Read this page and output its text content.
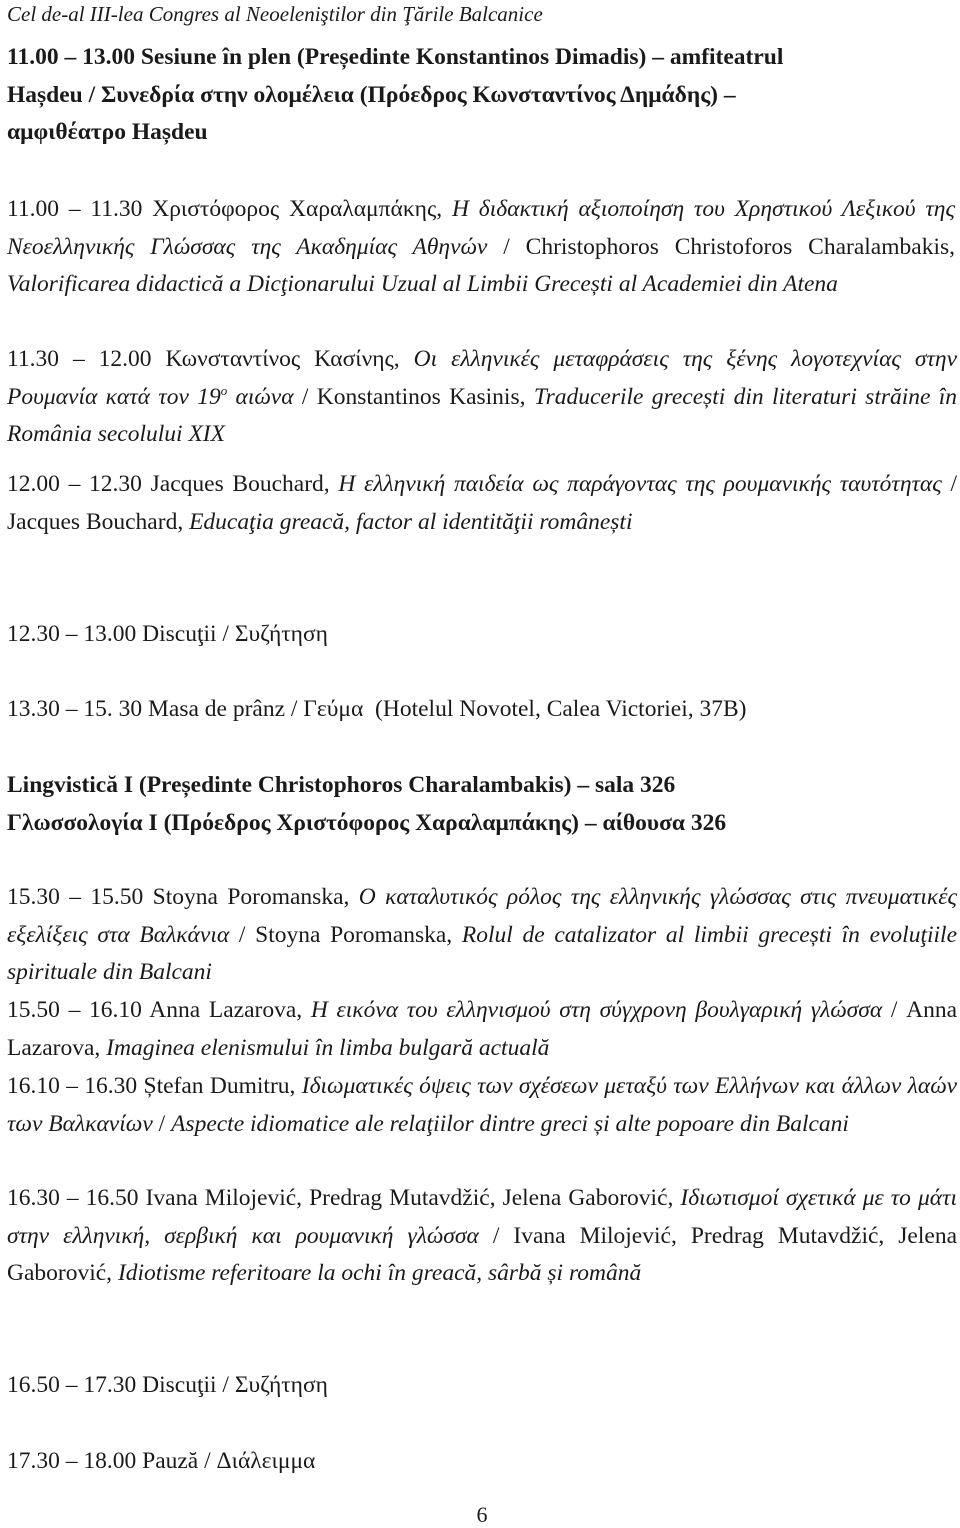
Cel de-al III-lea Congres al Neoeleniştilor din Ţările Balcanice
11.00 – 13.00 Sesiune în plen (Președinte Konstantinos Dimadis) – amfiteatrul
Hașdeu / Συνεδρία στην ολομέλεια (Πρόεδρος Κωνσταντίνος Δημάδης) –
αμφιθέατρο Hașdeu
11.00 – 11.30 Χριστόφορος Χαραλαμπάκης, Η διδακτική αξιοποίηση του Χρηστικού Λεξικού της Νεοελληνικής Γλώσσας της Ακαδημίας Αθηνών / Christophoros Christoforos Charalambakis, Valorificarea didactică a Dicţionarului Uzual al Limbii Grecești al Academiei din Atena
11.30 – 12.00 Κωνσταντίνος Κασίνης, Οι ελληνικές μεταφράσεις της ξένης λογοτεχνίας στην Ρουμανία κατά τον $19^o$ αιώνα / Konstantinos Kasinis, Traducerile grecești din literaturi străine în România secolului XIX
12.00 – 12.30 Jacques Bouchard, Η ελληνική παιδεία ως παράγοντας της ρουμανικής ταυτότητας / Jacques Bouchard, Educaţia greacă, factor al identităţii românești
12.30 – 13.00 Discuţii / Συζήτηση
13.30 – 15. 30 Masa de prânz / Γεύμα  (Hotelul Novotel, Calea Victoriei, 37B)
Lingvistică I (Președinte Christophoros Charalambakis) – sala 326
Γλωσσολογία Ι (Πρόεδρος Χριστόφορος Χαραλαμπάκης) – αίθουσα 326
15.30 – 15.50 Stoyna Poromanska, Ο καταλυτικός ρόλος της ελληνικής γλώσσας στις πνευματικές εξελίξεις στα Βαλκάνια / Stoyna Poromanska, Rolul de catalizator al limbii grecești în evoluţiile spirituale din Balcani
15.50 – 16.10 Anna Lazarova, Η εικόνα του ελληνισμού στη σύγχρονη βουλγαρική γλώσσα / Anna Lazarova, Imaginea elenismului în limba bulgară actuală
16.10 – 16.30 Ștefan Dumitru, Ιδιωματικές όψεις των σχέσεων μεταξύ των Ελλήνων και άλλων λαών των Βαλκανίων / Aspecte idiomatice ale relaţiilor dintre greci și alte popoare din Balcani
16.30 – 16.50 Ivana Milojević, Predrag Mutavdžić, Jelena Gaborović, Ιδιωτισμοί σχετικά με το μάτι στην ελληνική, σερβική και ρουμανική γλώσσα / Ivana Milojević, Predrag Mutavdžić, Jelena Gaborović, Idiotisme referitoare la ochi în greacă, sârbă și română
16.50 – 17.30 Discuţii / Συζήτηση
17.30 – 18.00 Pauză / Διάλειμμα
6
